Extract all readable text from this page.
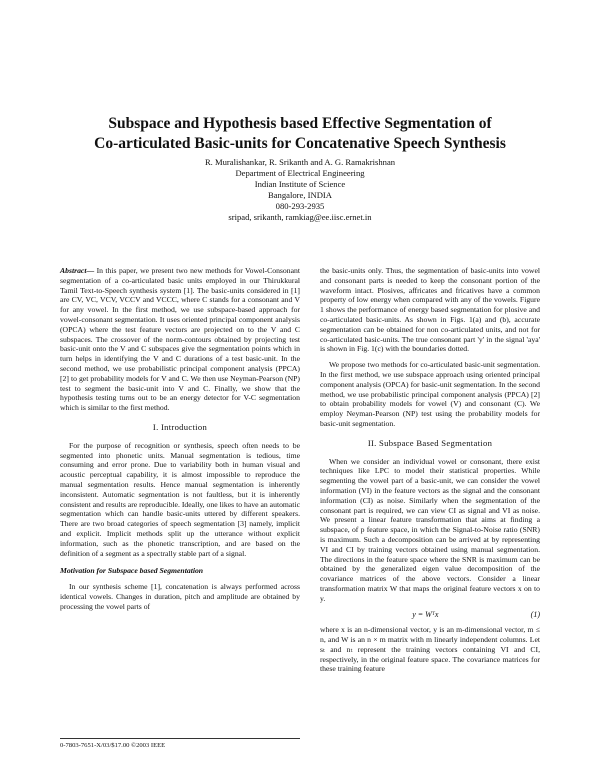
Subspace and Hypothesis based Effective Segmentation of
Co-articulated Basic-units for Concatenative Speech Synthesis
R. Muralishankar, R. Srikanth and A. G. Ramakrishnan
Department of Electrical Engineering
Indian Institute of Science
Bangalore, INDIA
080-293-2935
sripad, srikanth, ramkiag@ee.iisc.ernet.in

Abstract— In this paper, we present two new methods for Vowel-Consonant segmentation of a co-articulated basic units employed in our Thirukkural Tamil Text-to-Speech synthesis system [1]. The basic-units considered in [1] are CV, VC, VCV, VCCV and VCCC, where C stands for a consonant and V for any vowel. In the first method, we use subspace-based approach for vowel-consonant segmentation. It uses oriented principal component analysis (OPCA) where the test feature vectors are projected on to the V and C subspaces. The crossover of the norm-contours obtained by projecting test basic-unit onto the V and C subspaces give the segmentation points which in turn helps in identifying the V and C durations of a test basic-unit. In the second method, we use probabilistic principal component analysis (PPCA) [2] to get probability models for V and C. We then use Neyman-Pearson (NP) test to segment the basic-unit into V and C. Finally, we show that the hypothesis testing turns out to be an energy detector for V-C segmentation which is similar to the first method.

I. Introduction

For the purpose of recognition or synthesis, speech often needs to be segmented into phonetic units. Manual segmentation is tedious, time consuming and error prone. Due to variability both in human visual and acoustic perceptual capability, it is almost impossible to reproduce the manual segmentation results. Hence manual segmentation is inherently inconsistent. Automatic segmentation is not faultless, but it is inherently consistent and results are reproducible. Ideally, one likes to have an automatic segmentation which can handle basic-units uttered by different speakers. There are two broad categories of speech segmentation [3] namely, implicit and explicit. Implicit methods split up the utterance without explicit information, such as the phonetic transcription, and are based on the definition of a segment as a spectrally stable part of a signal.

Motivation for Subspace based Segmentation

In our synthesis scheme [1], concatenation is always performed across identical vowels. Changes in duration, pitch and amplitude are obtained by processing the vowel parts of

the basic-units only. Thus, the segmentation of basic-units into vowel and consonant parts is needed to keep the consonant portion of the waveform intact. Plosives, affricates and fricatives have a common property of low energy when compared with any of the vowels. Figure 1 shows the performance of energy based segmentation for plosive and co-articulated basic-units. As shown in Figs. 1(a) and (b), accurate segmentation can be obtained for non co-articulated units, and not for co-articulated basic-units. The true consonant part 'y' in the signal 'aya' is shown in Fig. 1(c) with the boundaries dotted.

We propose two methods for co-articulated basic-unit segmentation. In the first method, we use subspace approach using oriented principal component analysis (OPCA) for basic-unit segmentation. In the second method, we use probabilistic principal component analysis (PPCA) [2] to obtain probability models for vowel (V) and consonant (C). We employ Neyman-Pearson (NP) test using the probability models for basic-unit segmentation.

II. Subspace Based Segmentation

When we consider an individual vowel or consonant, there exist techniques like LPC to model their statistical properties. While segmenting the vowel part of a basic-unit, we can consider the vowel information (VI) in the feature vectors as the signal and the consonant information (CI) as noise. Similarly when the segmentation of the consonant part is required, we can view CI as signal and VI as noise. We present a linear feature transformation that aims at finding a subspace, of p feature space, in which the Signal-to-Noise ratio (SNR) is maximum. Such a decomposition can be arrived at by representing VI and CI by training vectors obtained using manual segmentation. The directions in the feature space where the SNR is maximum can be obtained by the generalized eigen value decomposition of the covariance matrices of the above vectors. Consider a linear transformation matrix W that maps the original feature vectors x on to y.

y = Wᵀx	(1)

where x is an n-dimensional vector, y is an m-dimensional vector, m ≤ n, and W is an n × m matrix with m linearly independent columns. Let sₜ and nₜ represent the training vectors containing VI and CI, respectively, in the original feature space. The covariance matrices for these training feature

0-7803-7651-X/03/$17.00 ©2003 IEEE
